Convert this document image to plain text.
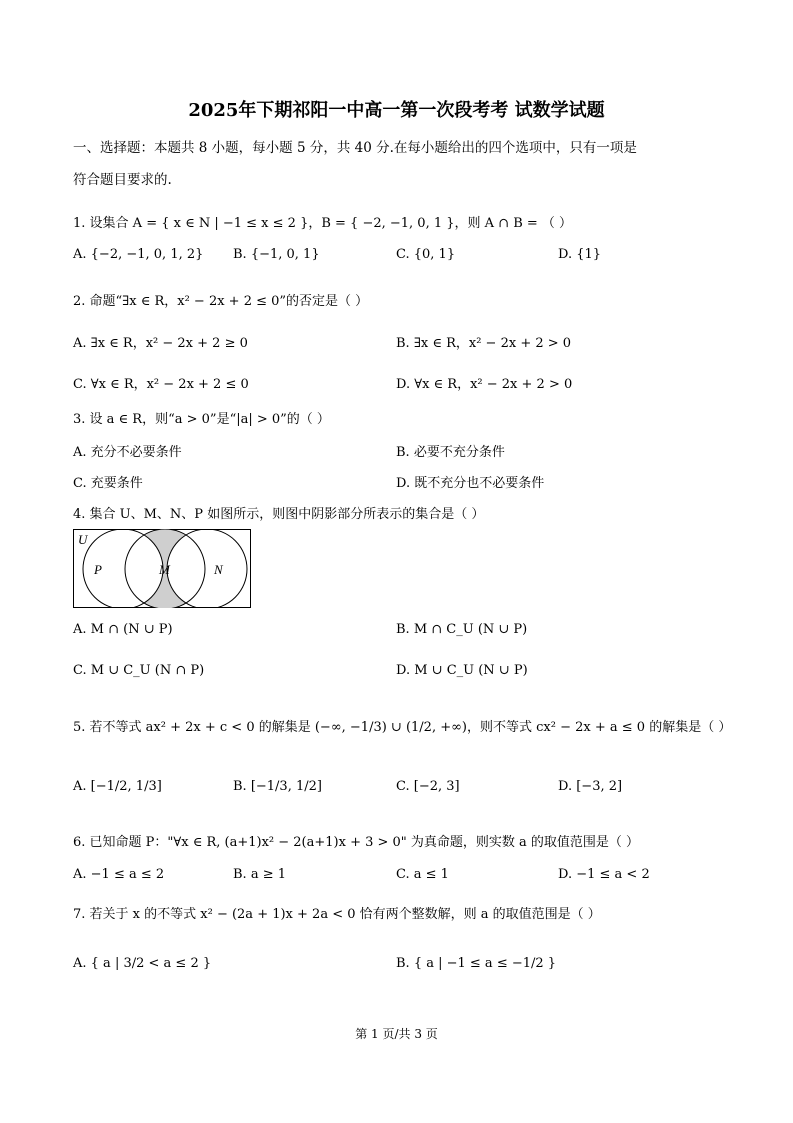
2025年下期祁阳一中高一第一次段考考 试数学试题
一、选择题：本题共 8 小题，每小题 5 分，共 40 分.在每小题给出的四个选项中，只有一项是
符合题目要求的.
1. 设集合 A = { x ∈ N | −1 ≤ x ≤ 2 }，B = { −2, −1, 0, 1 }，则 A ∩ B = （ ）
A. {−2, −1, 0, 1, 2} B. {−1, 0, 1}	C. {0, 1}	D. {1}
2. 命题“∃x ∈ R，x² − 2x + 2 ≤ 0”的否定是（ ）
A. ∃x ∈ R，x² − 2x + 2 ≥ 0	B. ∃x ∈ R，x² − 2x + 2 > 0
C. ∀x ∈ R，x² − 2x + 2 ≤ 0	D. ∀x ∈ R，x² − 2x + 2 > 0
3. 设 a ∈ R，则“a > 0”是“|a| > 0”的（ ）
A. 充分不必要条件	B. 必要不充分条件
C. 充要条件	D. 既不充分也不必要条件
4. 集合 U、M、N、P 如图所示，则图中阴影部分所表示的集合是（ ）
U
P	M	N
A. M ∩ (N ∪ P)	B. M ∩ C_U (N ∪ P)
C. M ∪ C_U (N ∩ P)	D. M ∪ C_U (N ∪ P)
5. 若不等式 ax² + 2x + c < 0 的解集是 (−∞, −1/3) ∪ (1/2, +∞)，则不等式 cx² − 2x + a ≤ 0 的解集是（ ）
A. [−1/2, 1/3]	B. [−1/3, 1/2]	C. [−2, 3]	D. [−3, 2]
6. 已知命题 P："∀x ∈ R, (a+1)x² − 2(a+1)x + 3 > 0" 为真命题，则实数 a 的取值范围是（ ）
A. −1 ≤ a ≤ 2	B. a ≥ 1	C. a ≤ 1	D. −1 ≤ a < 2
7. 若关于 x 的不等式 x² − (2a + 1)x + 2a < 0 恰有两个整数解，则 a 的取值范围是（ ）
A. { a | 3/2 < a ≤ 2 }	B. { a | −1 ≤ a ≤ −1/2 }
第 1 页/共 3 页
